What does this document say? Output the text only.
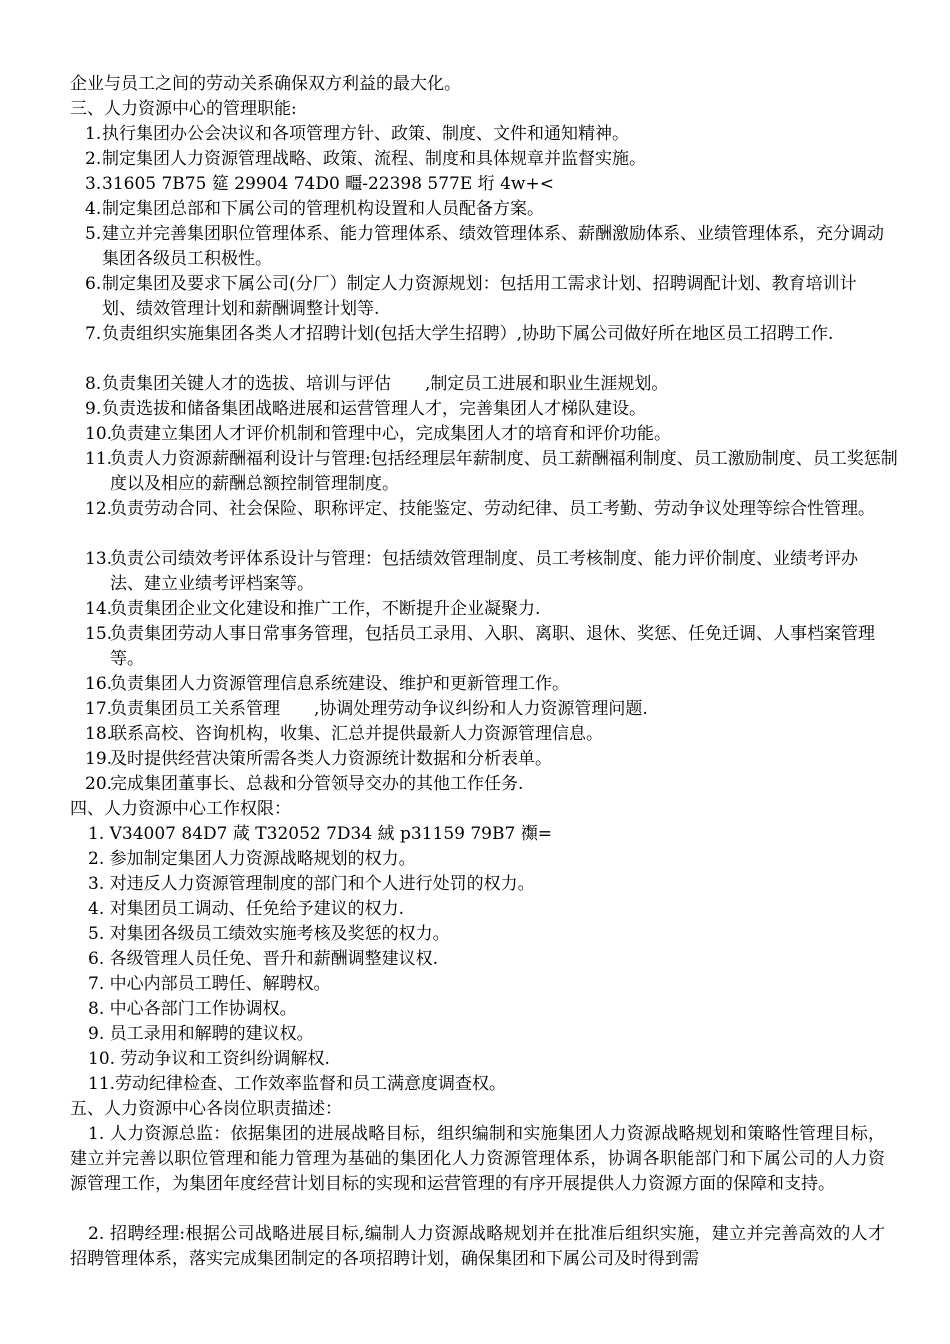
企业与员工之间的劳动关系确保双方利益的最大化。
三、人力资源中心的管理职能:
1. 执行集团办公会决议和各项管理方针、政策、制度、文件和通知精神。
2. 制定集团人力资源管理战略、政策、流程、制度和具体规章并监督实施。
3. 31605 7B75 筵 29904 74D0 疅-22398 577E 垳 4w+<
4. 制定集团总部和下属公司的管理机构设置和人员配备方案。
5. 建立并完善集团职位管理体系、能力管理体系、绩效管理体系、薪酬激励体系、业绩管理体系，充分调动集团各级员工积极性。
6. 制定集团及要求下属公司(分厂）制定人力资源规划：包括用工需求计划、招聘调配计划、教育培训计划、绩效管理计划和薪酬调整计划等.
7. 负责组织实施集团各类人才招聘计划(包括大学生招聘）,协助下属公司做好所在地区员工招聘工作.
8. 负责集团关键人才的选拔、培训与评估　　,制定员工进展和职业生涯规划。
9. 负责选拔和储备集团战略进展和运营管理人才，完善集团人才梯队建设。
10.
负责建立集团人才评价机制和管理中心，完成集团人才的培育和评价功能。
11.
负责人力资源薪酬福利设计与管理:包括经理层年薪制度、员工薪酬福利制度、员工激励制度、员工奖惩制度以及相应的薪酬总额控制管理制度。
12.
负责劳动合同、社会保险、职称评定、技能鉴定、劳动纪律、员工考勤、劳动争议处理等综合性管理。
13.
负责公司绩效考评体系设计与管理：包括绩效管理制度、员工考核制度、能力评价制度、业绩考评办法、建立业绩考评档案等。
14.
负责集团企业文化建设和推广工作，不断提升企业凝聚力.
15.
负责集团劳动人事日常事务管理，包括员工录用、入职、离职、退休、奖惩、任免迁调、人事档案管理等。
16.
负责集团人力资源管理信息系统建设、维护和更新管理工作。
17.
负责集团员工关系管理　　,协调处理劳动争议纠纷和人力资源管理问题.
18.
联系高校、咨询机构，收集、汇总并提供最新人力资源管理信息。
19.
及时提供经营决策所需各类人力资源统计数据和分析表单。
20.
完成集团董事长、总裁和分管领导交办的其他工作任务.
四、人力资源中心工作权限：
1. V34007 84D7 葴 T32052 7D34 絨 p31159 79B7 禷=
2. 参加制定集团人力资源战略规划的权力。
3. 对违反人力资源管理制度的部门和个人进行处罚的权力。
4. 对集团员工调动、任免给予建议的权力.
5. 对集团各级员工绩效实施考核及奖惩的权力。
6. 各级管理人员任免、晋升和薪酬调整建议权.
7. 中心内部员工聘任、解聘权。
8. 中心各部门工作协调权。
9. 员工录用和解聘的建议权。
10. 劳动争议和工资纠纷调解权.
11.劳动纪律检查、工作效率监督和员工满意度调查权。
五、人力资源中心各岗位职责描述：
1. 人力资源总监：依据集团的进展战略目标，组织编制和实施集团人力资源战略规划和策略性管理目标，建立并完善以职位管理和能力管理为基础的集团化人力资源管理体系，协调各职能部门和下属公司的人力资源管理工作，为集团年度经营计划目标的实现和运营管理的有序开展提供人力资源方面的保障和支持。
2. 招聘经理:根据公司战略进展目标,编制人力资源战略规划并在批准后组织实施，建立并完善高效的人才招聘管理体系，落实完成集团制定的各项招聘计划，确保集团和下属公司及时得到需
